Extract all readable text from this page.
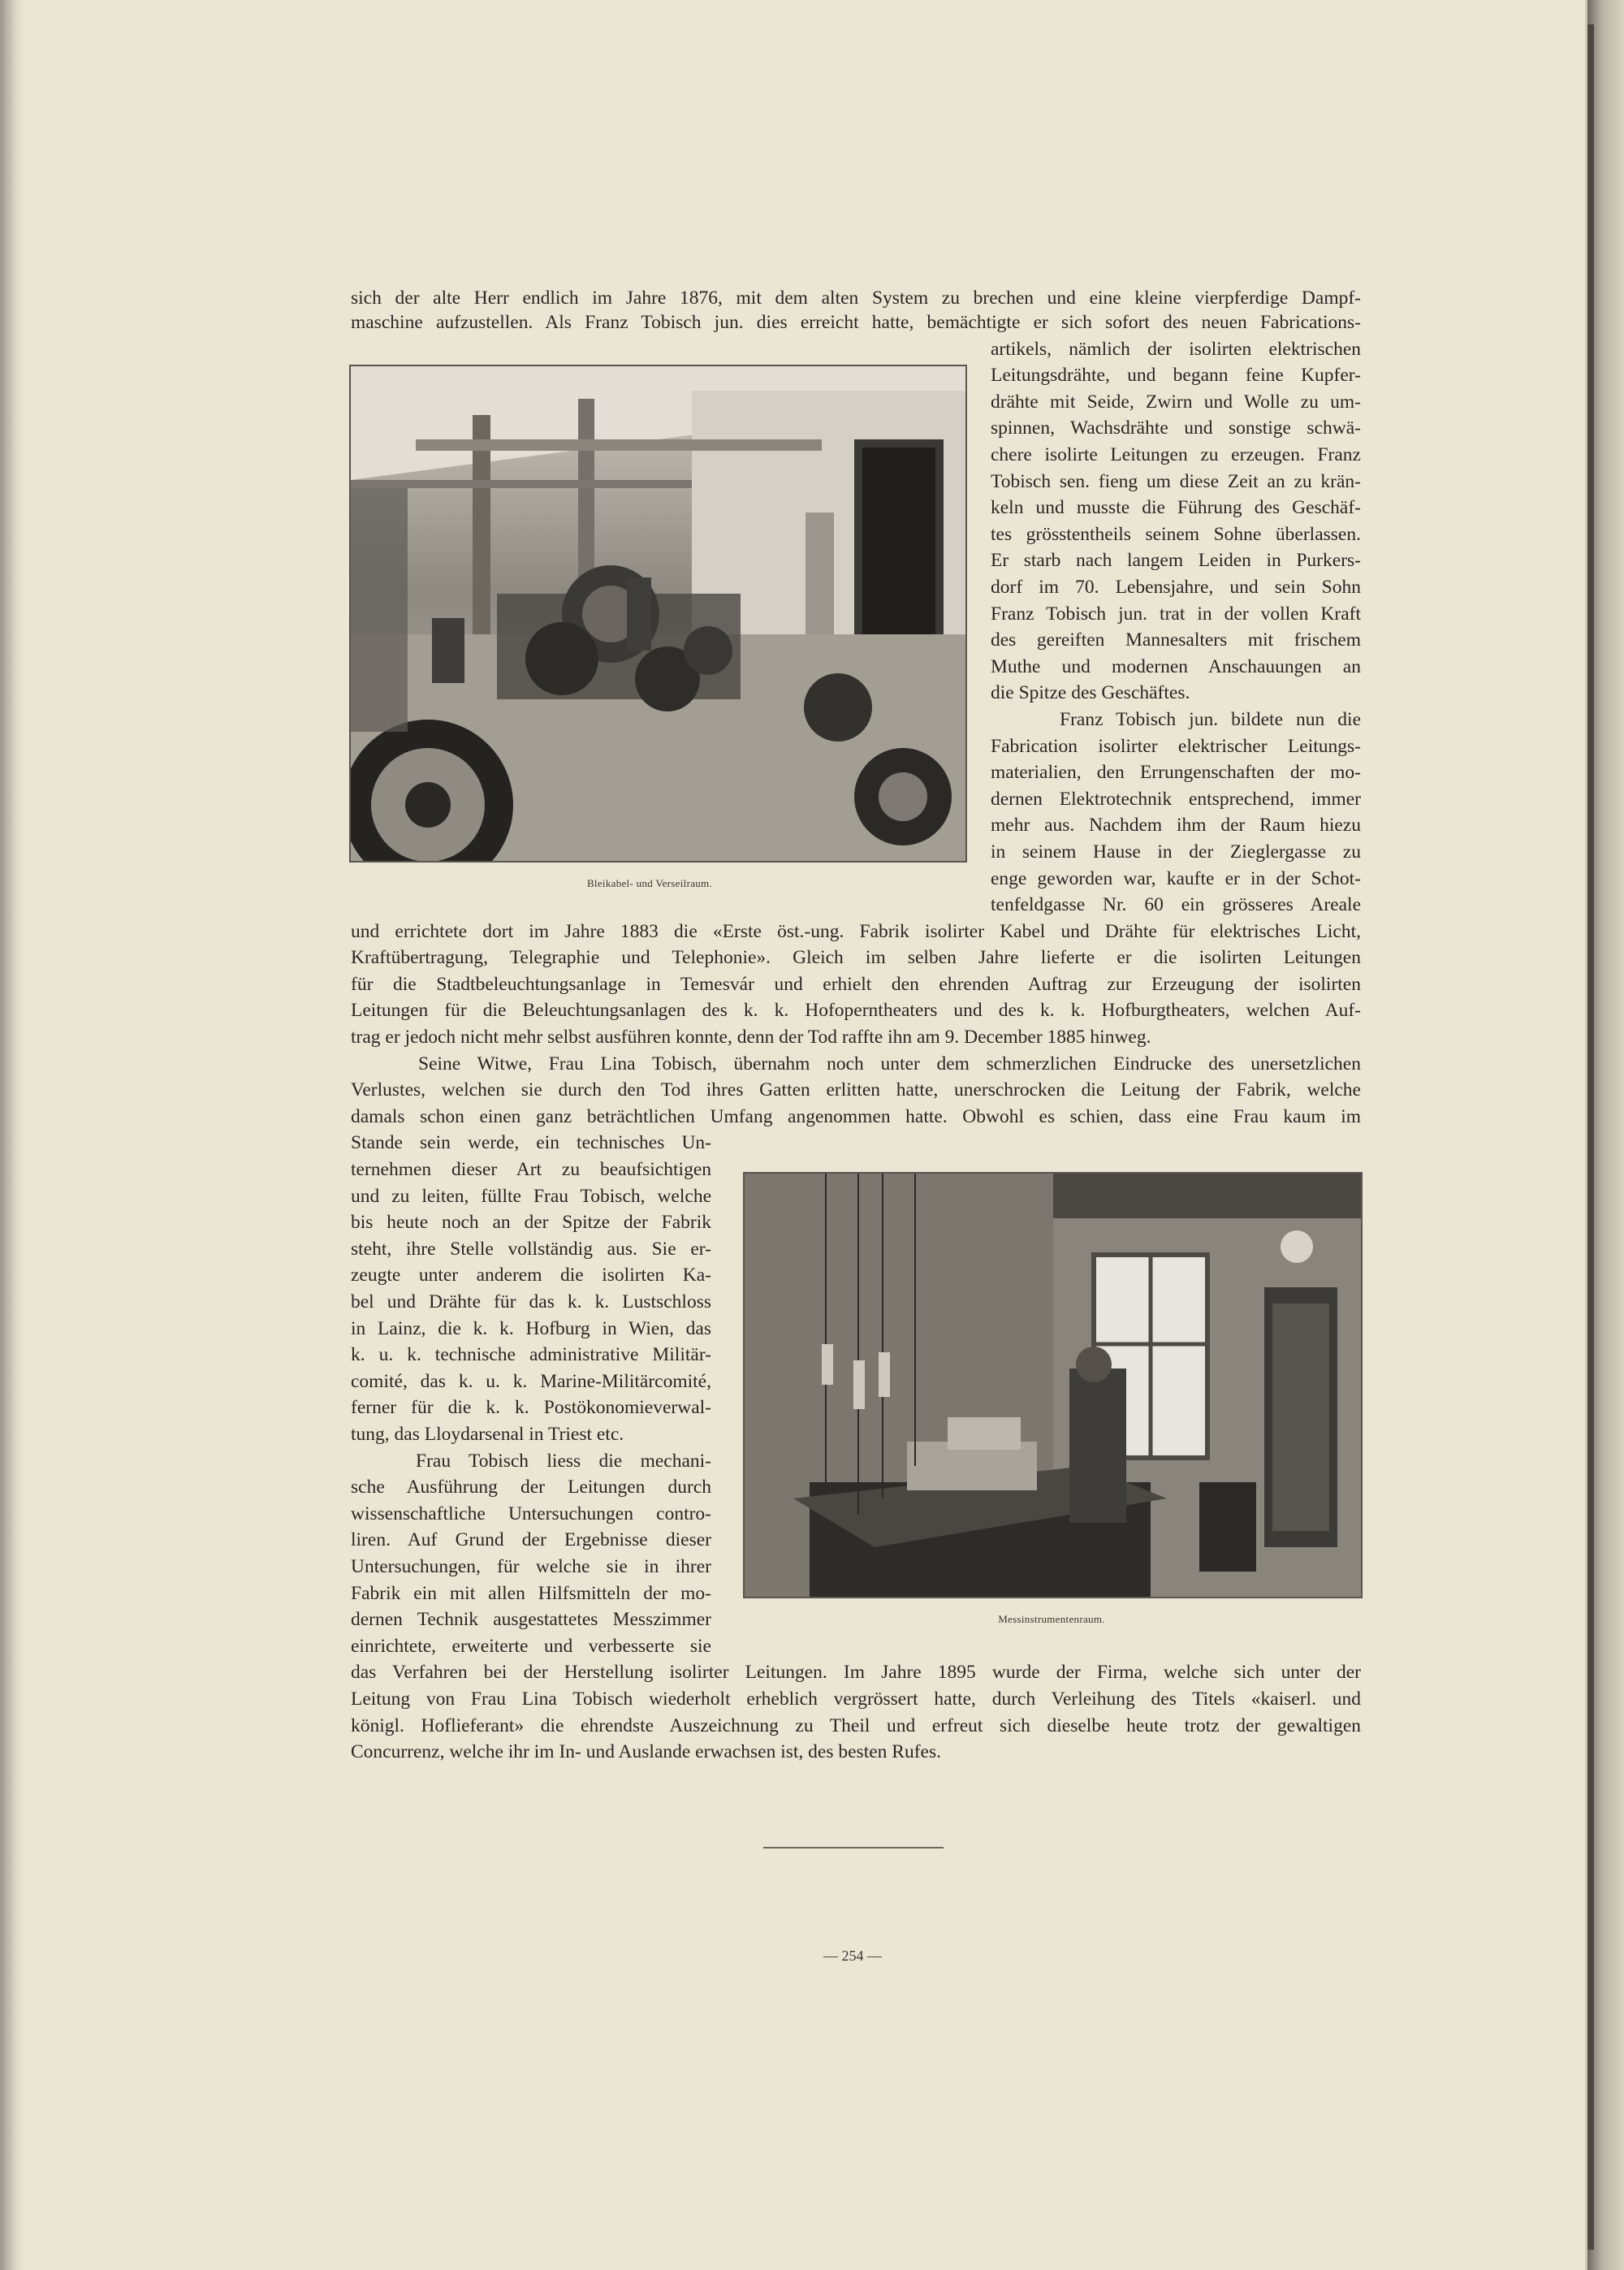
Bleikabel- und Verseilraum.
Messinstrumentenraum.
sich der alte Herr endlich im Jahre 1876, mit dem alten System zu brechen und eine kleine vierpferdige Dampf-
maschine aufzustellen. Als Franz Tobisch jun. dies erreicht hatte, bemächtigte er sich sofort des neuen Fabrications-
artikels, nämlich der isolirten elektrischen
Leitungsdrähte, und begann feine Kupfer-
drähte mit Seide, Zwirn und Wolle zu um-
spinnen, Wachsdrähte und sonstige schwä-
chere isolirte Leitungen zu erzeugen. Franz
Tobisch sen. fieng um diese Zeit an zu krän-
keln und musste die Führung des Geschäf-
tes grösstentheils seinem Sohne überlassen.
Er starb nach langem Leiden in Purkers-
dorf im 70. Lebensjahre, und sein Sohn
Franz Tobisch jun. trat in der vollen Kraft
des gereiften Mannesalters mit frischem
Muthe und modernen Anschauungen an
die Spitze des Geschäftes.
Franz Tobisch jun. bildete nun die
Fabrication isolirter elektrischer Leitungs-
materialien, den Errungenschaften der mo-
dernen Elektrotechnik entsprechend, immer
mehr aus. Nachdem ihm der Raum hiezu
in seinem Hause in der Zieglergasse zu
enge geworden war, kaufte er in der Schot-
tenfeldgasse Nr. 60 ein grösseres Areale
und errichtete dort im Jahre 1883 die «Erste öst.-ung. Fabrik isolirter Kabel und Drähte für elektrisches Licht,
Kraftübertragung, Telegraphie und Telephonie». Gleich im selben Jahre lieferte er die isolirten Leitungen
für die Stadtbeleuchtungsanlage in Temesvár und erhielt den ehrenden Auftrag zur Erzeugung der isolirten
Leitungen für die Beleuchtungsanlagen des k. k. Hofoperntheaters und des k. k. Hofburgtheaters, welchen Auf-
trag er jedoch nicht mehr selbst ausführen konnte, denn der Tod raffte ihn am 9. December 1885 hinweg.
Seine Witwe, Frau Lina Tobisch, übernahm noch unter dem schmerzlichen Eindrucke des unersetzlichen
Verlustes, welchen sie durch den Tod ihres Gatten erlitten hatte, unerschrocken die Leitung der Fabrik, welche
damals schon einen ganz beträchtlichen Umfang angenommen hatte. Obwohl es schien, dass eine Frau kaum im
Stande sein werde, ein technisches Un-
ternehmen dieser Art zu beaufsichtigen
und zu leiten, füllte Frau Tobisch, welche
bis heute noch an der Spitze der Fabrik
steht, ihre Stelle vollständig aus. Sie er-
zeugte unter anderem die isolirten Ka-
bel und Drähte für das k. k. Lustschloss
in Lainz, die k. k. Hofburg in Wien, das
k. u. k. technische administrative Militär-
comité, das k. u. k. Marine-Militärcomité,
ferner für die k. k. Postökonomieverwal-
tung, das Lloydarsenal in Triest etc.
Frau Tobisch liess die mechani-
sche Ausführung der Leitungen durch
wissenschaftliche Untersuchungen contro-
liren. Auf Grund der Ergebnisse dieser
Untersuchungen, für welche sie in ihrer
Fabrik ein mit allen Hilfsmitteln der mo-
dernen Technik ausgestattetes Messzimmer
einrichtete, erweiterte und verbesserte sie
das Verfahren bei der Herstellung isolirter Leitungen. Im Jahre 1895 wurde der Firma, welche sich unter der
Leitung von Frau Lina Tobisch wiederholt erheblich vergrössert hatte, durch Verleihung des Titels «kaiserl. und
königl. Hoflieferant» die ehrendste Auszeichnung zu Theil und erfreut sich dieselbe heute trotz der gewaltigen
Concurrenz, welche ihr im In- und Auslande erwachsen ist, des besten Rufes.
— 254 —
